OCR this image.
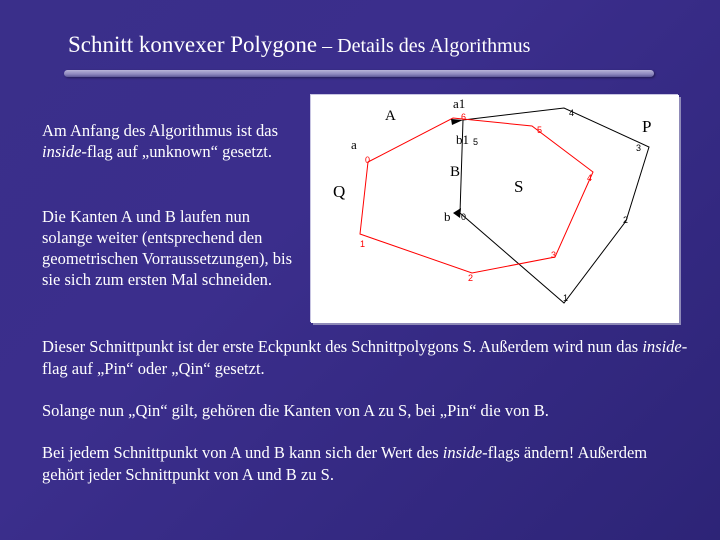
Schnitt konvexer Polygone – Details des Algorithmus
Am Anfang des Algorithmus ist das inside-flag auf „unknown“ gesetzt.
Die Kanten A und B laufen nun solange weiter (entsprechend den geometrischen Vorraussetzungen), bis sie sich zum ersten Mal schneiden.
A
a1
a
P
Q	S
B
b1
b 0
1
2
3
4
5
0
1
2
3
4
5
6
Dieser Schnittpunkt ist der erste Eckpunkt des Schnittpolygons S. Außerdem wird nun das inside-flag auf „Pin“ oder „Qin“ gesetzt.
Solange nun „Qin“ gilt, gehören die Kanten von A zu S, bei „Pin“ die von B.
Bei jedem Schnittpunkt von A und B kann sich der Wert des inside-flags ändern! Außerdem gehört jeder Schnittpunkt von A und B zu S.
